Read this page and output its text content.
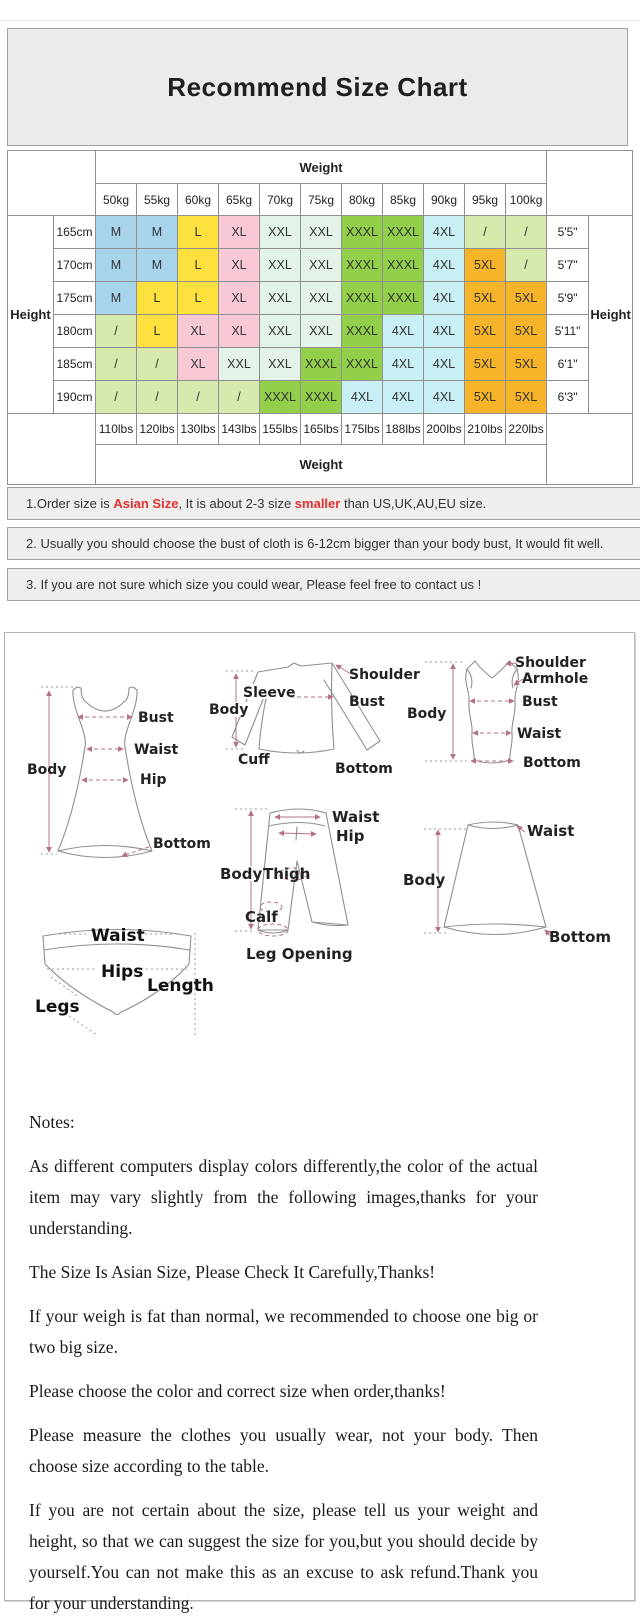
Recommend Size Chart
		Weight												
		50kg	55kg	60kg	65kg	70kg	75kg	80kg	85kg	90kg	95kg	100kg		
Height	165cm	M	M	L	XL	XXL	XXL	XXXL	XXXL	4XL	/	/	5'5"	Height
	170cm	M	M	L	XL	XXL	XXL	XXXL	XXXL	4XL	5XL	/	5'7"	
	175cm	M	L	L	XL	XXL	XXL	XXXL	XXXL	4XL	5XL	5XL	5'9"	
	180cm	/	L	XL	XL	XXL	XXL	XXXL	4XL	4XL	5XL	5XL	5'11"	
	185cm	/	/	XL	XXL	XXL	XXXL	XXXL	4XL	4XL	5XL	5XL	6'1"	
	190cm	/	/	/	/	XXXL	XXXL	4XL	4XL	4XL	5XL	5XL	6'3"	
		110lbs	120lbs	130lbs	143lbs	155lbs	165lbs	175lbs	188lbs	200lbs	210lbs	220lbs		
		Weight												
1.Order size is Asian Size, It is about 2-3 size smaller than US,UK,AU,EU size.
2. Usually you should choose the bust of cloth is 6-12cm bigger than your body bust, It would fit well.
3. If you are not sure which size you could wear, Please feel free to contact us !
Body
Bust
Waist
Hip
Bottom
Sleeve
Body
Cuff
Shoulder
Bust
Bottom
Shoulder
Armhole
Body
Bust
Waist
Bottom
Waist
Hip
Body Thigh
Calf
Leg Opening
Waist
Body
Bottom
Waist
Hips
Legs
Length

Notes:

As different computers display colors differently,the color of the actual item may vary slightly from the following images,thanks for your understanding.

The Size Is Asian Size, Please Check It Carefully,Thanks!

If your weigh is fat than normal, we recommended to choose one big or two big size.

Please choose the color and correct size when order,thanks!

Please measure the clothes you usually wear, not your body. Then choose size according to the table.

If you are not certain about the size, please tell us your weight and height, so that we can suggest the size for you,but you should decide by yourself.You can not make this as an excuse to ask refund.Thank you for your understanding.
